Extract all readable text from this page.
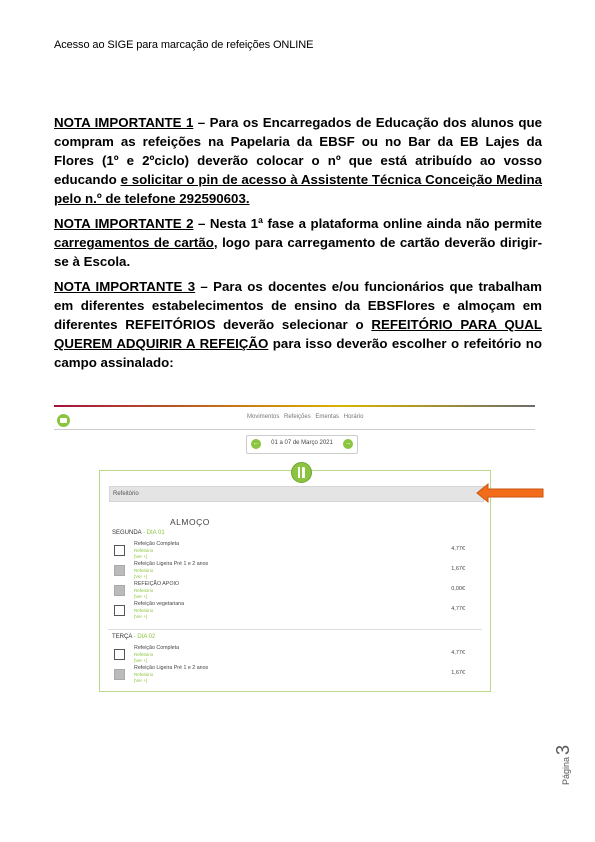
Acesso ao SIGE para marcação de refeições ONLINE

NOTA IMPORTANTE 1 – Para os Encarregados de Educação dos alunos que compram as refeições na Papelaria da EBSF ou no Bar da EB Lajes da Flores (1º e 2ºciclo) deverão colocar o nº que está atribuído ao vosso educando e solicitar o pin de acesso à Assistente Técnica Conceição Medina pelo n.º de telefone 292590603.

NOTA IMPORTANTE 2 – Nesta 1ª fase a plataforma online ainda não permite carregamentos de cartão, logo para carregamento de cartão deverão dirigir-se à Escola.

NOTA IMPORTANTE 3 – Para os docentes e/ou funcionários que trabalham em diferentes estabelecimentos de ensino da EBSFlores e almoçam em diferentes REFEITÓRIOS deverão selecionar o REFEITÓRIO PARA QUAL QUEREM ADQUIRIR A REFEIÇÃO para isso deverão escolher o refeitório no campo assinalado:

Movimentos Refeições Ementas Horário
←	01 a 07 de Março 2021	→
Refeitório
ALMOÇO
SEGUNDA - DIA 01
Refeição Completa
Refeitório
[Ver +]
4,77€
Refeição Ligeira Pré 1 e 2 anos
Refeitório
[Ver +]
1,67€
REFEIÇÃO APOIO
Refeitório
[Ver +]
0,00€
Refeição vegetariana
Refeitório
[Ver +]
4,77€
TERÇA - DIA 02
Refeição Completa
Refeitório
[Ver +]
4,77€
Refeição Ligeira Pré 1 e 2 anos
Refeitório
[Ver +]
1,67€
Página3
